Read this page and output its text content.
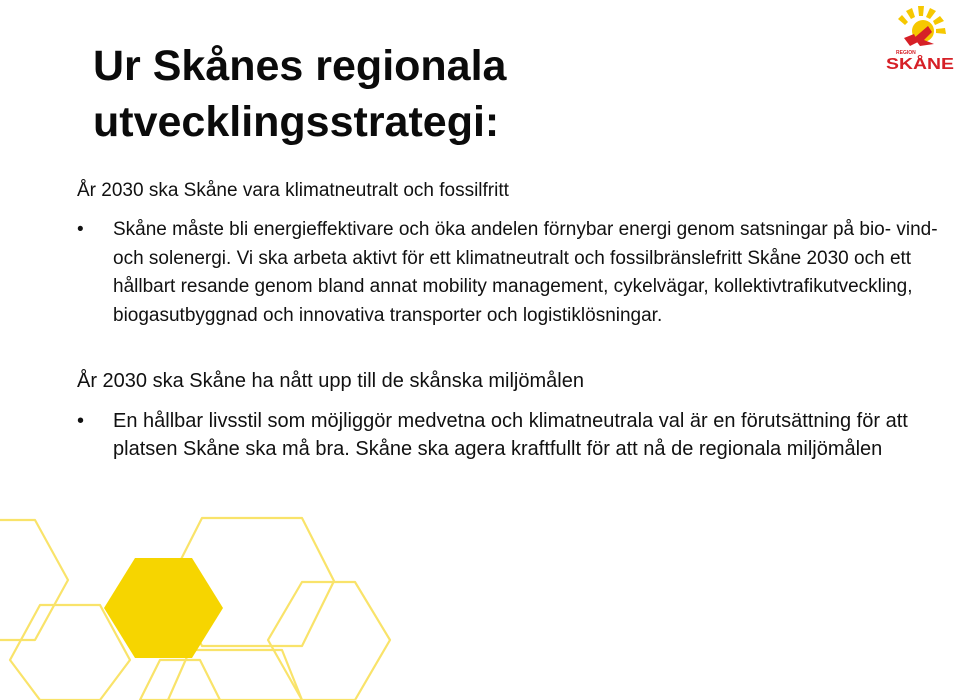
Ur Skånes regionala
utvecklingsstrategi:

År 2030 ska Skåne vara klimatneutralt och fossilfritt

• Skåne måste bli energieffektivare och öka andelen förnybar energi genom satsningar på bio- vind- och solenergi. Vi ska arbeta aktivt för ett klimatneutralt och fossilbränslefritt Skåne 2030 och ett hållbart resande genom bland annat mobility management, cykelvägar, kollektivtrafikutveckling, biogasutbyggnad och innovativa transporter och logistiklösningar.

År 2030 ska Skåne ha nått upp till de skånska miljömålen

• En hållbar livsstil som möjliggör medvetna och klimatneutrala val är en förutsättning för att platsen Skåne ska må bra. Skåne ska agera kraftfullt för att nå de regionala miljömålen
REGION
SKÅNE
